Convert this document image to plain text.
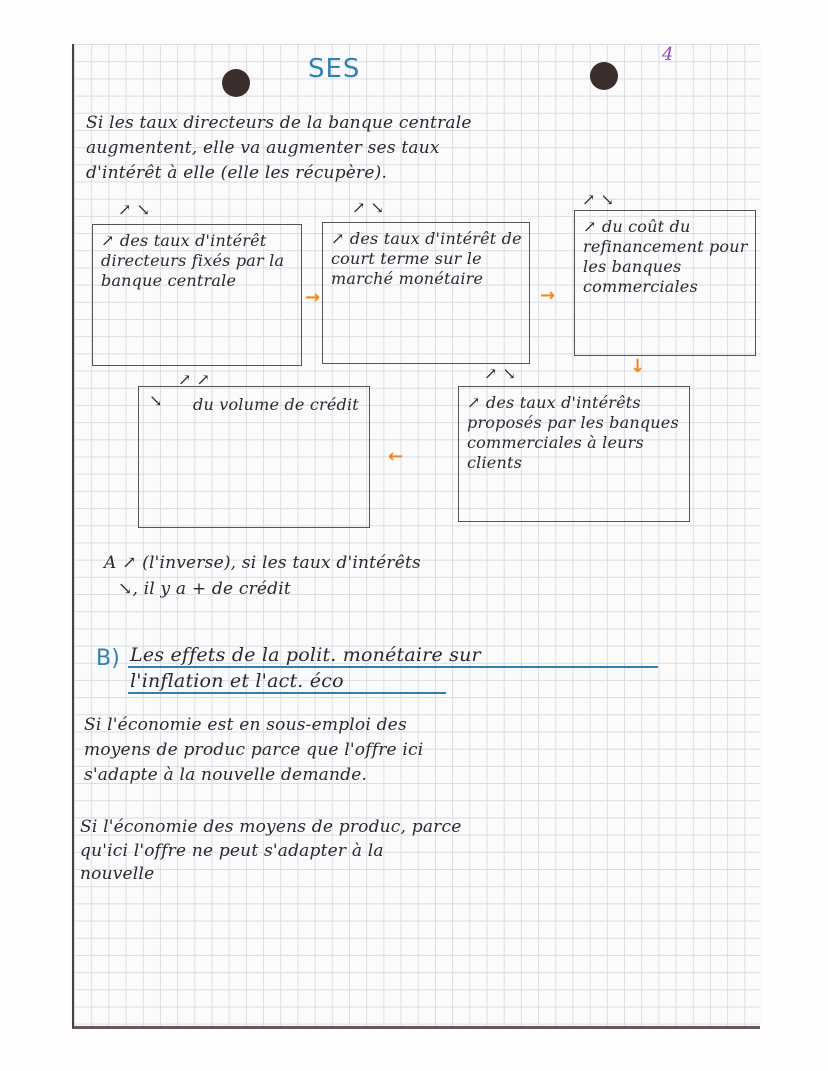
SES	4
Si les taux directeurs de la banque centrale
augmentent, elle va augmenter ses taux
d'intérêt à elle (elle les récupère).
↗ ↘	↗ ↘	↗ ↘
↗ des taux d'intérêt directeurs fixés par la banque centrale
→
↗ des taux d'intérêt de court terme sur le marché monétaire
→
↗ du coût du refinancement pour les banques commerciales
↓
↗ ↘
↗ des taux d'intérêts proposés par les banques commerciales à leurs clients
←
↗ ↗
↘ du volume de crédit
A ↗ (l'inverse), si les taux d'intérêts
↘, il y a + de crédit
B) Les effets de la polit. monétaire sur
l'inflation et l'act. éco
Si l'économie est en sous-emploi des
moyens de produc parce que l'offre ici
s'adapte à la nouvelle demande.
Si l'économie des moyens de produc, parce
qu'ici l'offre ne peut s'adapter à la
nouvelle
